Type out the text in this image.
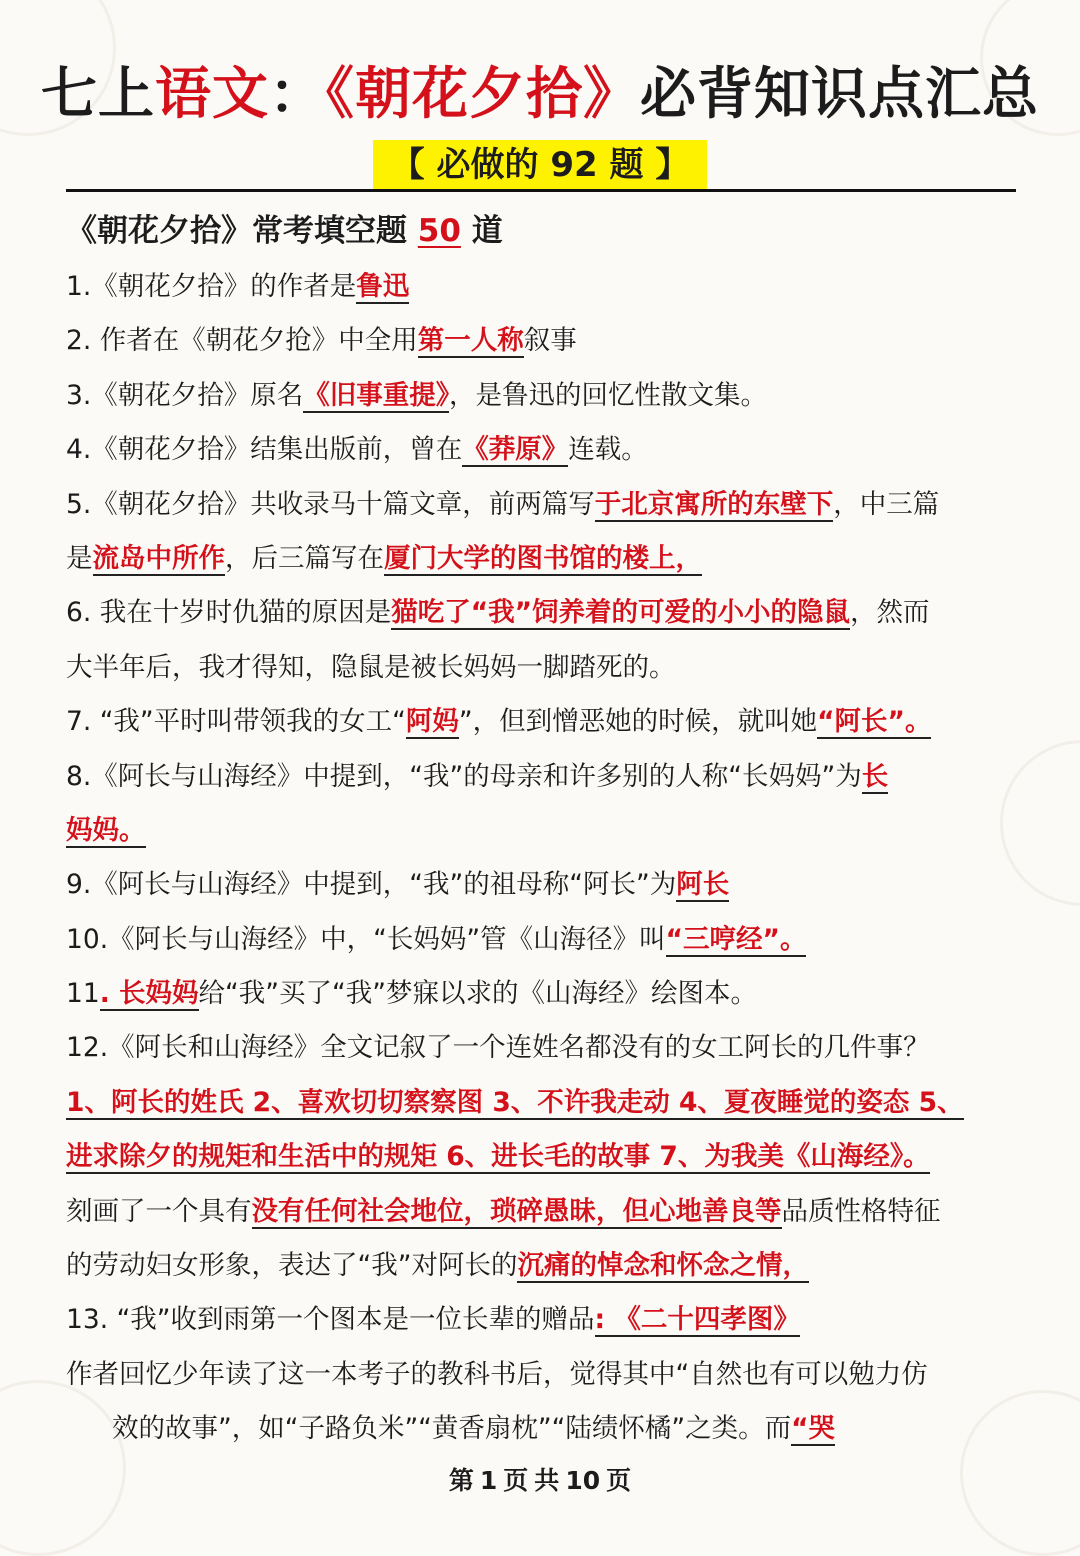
七上语文：《朝花夕拾》必背知识点汇总
【 必做的 92 题 】
《朝花夕拾》常考填空题 50 道
1.《朝花夕拾》的作者是鲁迅
2. 作者在《朝花夕抢》中全用第一人称叙事
3.《朝花夕拾》原名《旧事重提》，是鲁迅的回忆性散文集。
4.《朝花夕拾》结集出版前，曾在《莽原》连载。
5.《朝花夕拾》共收录马十篇文章，前两篇写于北京寓所的东壁下，中三篇
是流岛中所作，后三篇写在厦门大学的图书馆的楼上，
6. 我在十岁时仇猫的原因是猫吃了“我”饲养着的可爱的小小的隐鼠，然而
大半年后，我才得知，隐鼠是被长妈妈一脚踏死的。
7. “我”平时叫带领我的女工“阿妈”，但到憎恶她的时候，就叫她“阿长”。
8.《阿长与山海经》中提到，“我”的母亲和许多别的人称“长妈妈”为长
妈妈。
9.《阿长与山海经》中提到，“我”的祖母称“阿长”为阿长
10.《阿长与山海经》中，“长妈妈”管《山海径》叫“三哼经”。
11. 长妈妈给“我”买了“我”梦寐以求的《山海经》绘图本。
12.《阿长和山海经》全文记叙了一个连姓名都没有的女工阿长的几件事？
1、阿长的姓氏 2、喜欢切切察察图 3、不许我走动 4、夏夜睡觉的姿态 5、
进求除夕的规矩和生活中的规矩 6、进长毛的故事 7、为我美《山海经》。
刻画了一个具有没有任何社会地位，琐碎愚昧，但心地善良等品质性格特征
的劳动妇女形象，表达了“我”对阿长的沉痛的悼念和怀念之情，
13. “我”收到雨第一个图本是一位长辈的赠品: 《二十四孝图》
作者回忆少年读了这一本考子的教科书后，觉得其中“自然也有可以勉力仿
效的故事”，如“子路负米”“黄香扇枕”“陆绩怀橘”之类。而“哭
第 1 页 共 10 页
